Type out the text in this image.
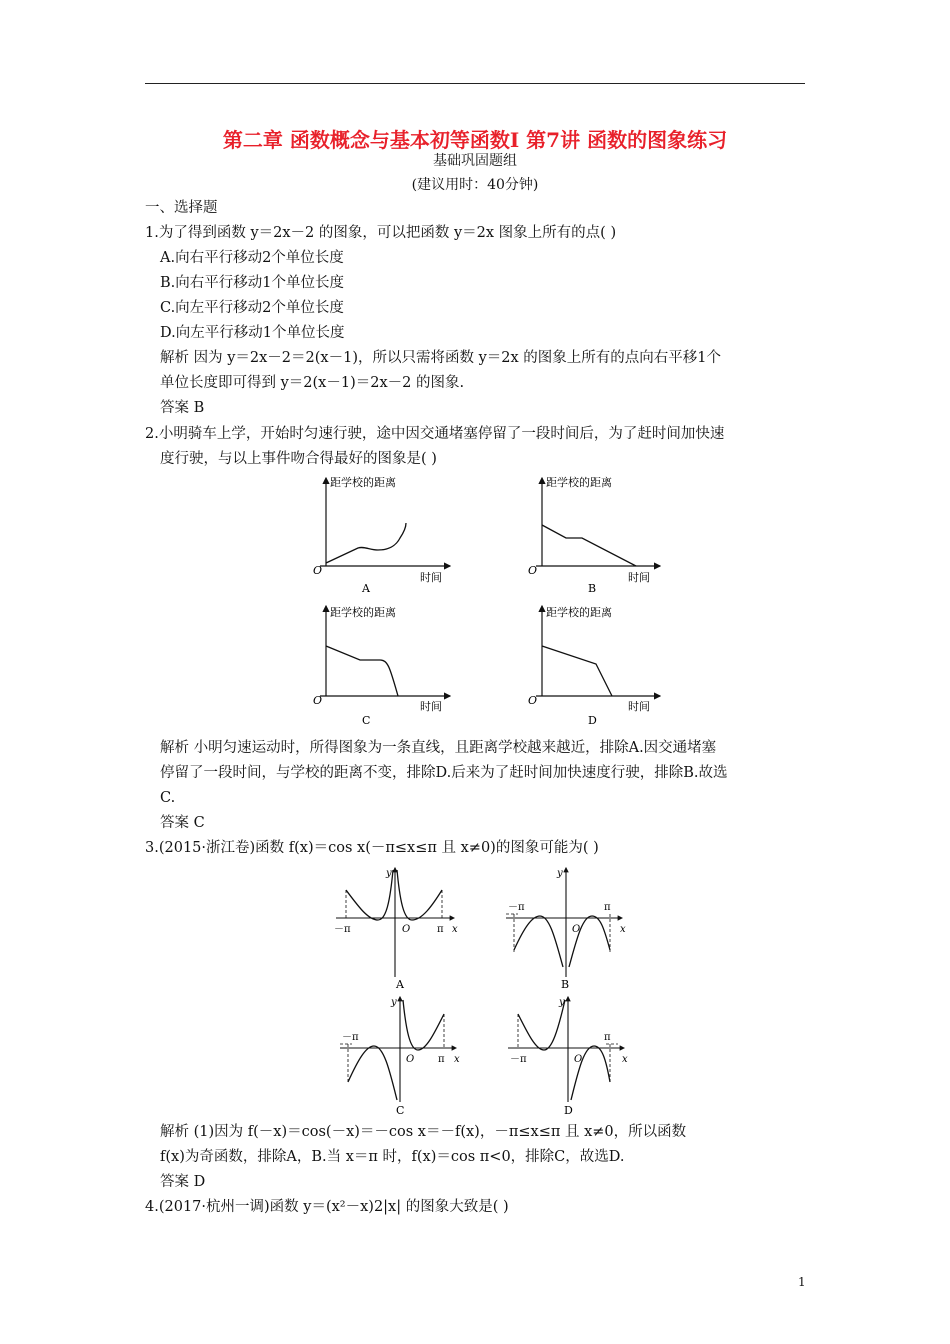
第二章 函数概念与基本初等函数Ⅰ 第7讲 函数的图象练习
基础巩固题组
(建议用时：40分钟)
一、选择题
1.为了得到函数 y＝2x－2 的图象，可以把函数 y＝2x 图象上所有的点( )
A.向右平行移动2个单位长度
B.向右平行移动1个单位长度
C.向左平行移动2个单位长度
D.向左平行移动1个单位长度
解析 因为 y＝2x－2＝2(x－1)，所以只需将函数 y＝2x 的图象上所有的点向右平移1个
单位长度即可得到 y＝2(x－1)＝2x－2 的图象.
答案 B
2.小明骑车上学，开始时匀速行驶，途中因交通堵塞停留了一段时间后，为了赶时间加快速
度行驶，与以上事件吻合得最好的图象是( )
距学校的距离
时间
O
A
距学校的距离
时间
O
B
距学校的距离
时间
O
C
距学校的距离
时间
O
D
解析 小明匀速运动时，所得图象为一条直线，且距离学校越来越近，排除A.因交通堵塞
停留了一段时间，与学校的距离不变，排除D.后来为了赶时间加快速度行驶，排除B.故选
C.
答案 C
3.(2015·浙江卷)函数 f(x)＝cos x(－π≤x≤π 且 x≠0)的图象可能为( )
y
x
O
－π	π
A
y
x
O
－π	π
B
y
x
O
－π
π
C
y
x
O
－π
π
D
解析 (1)因为 f(－x)＝cos(－x)＝－cos x＝－f(x)，－π≤x≤π 且 x≠0，所以函数
f(x)为奇函数，排除A，B.当 x＝π 时，f(x)＝cos π<0，排除C，故选D.
答案 D
4.(2017·杭州一调)函数 y＝(x²－x)2|x| 的图象大致是( )
1
